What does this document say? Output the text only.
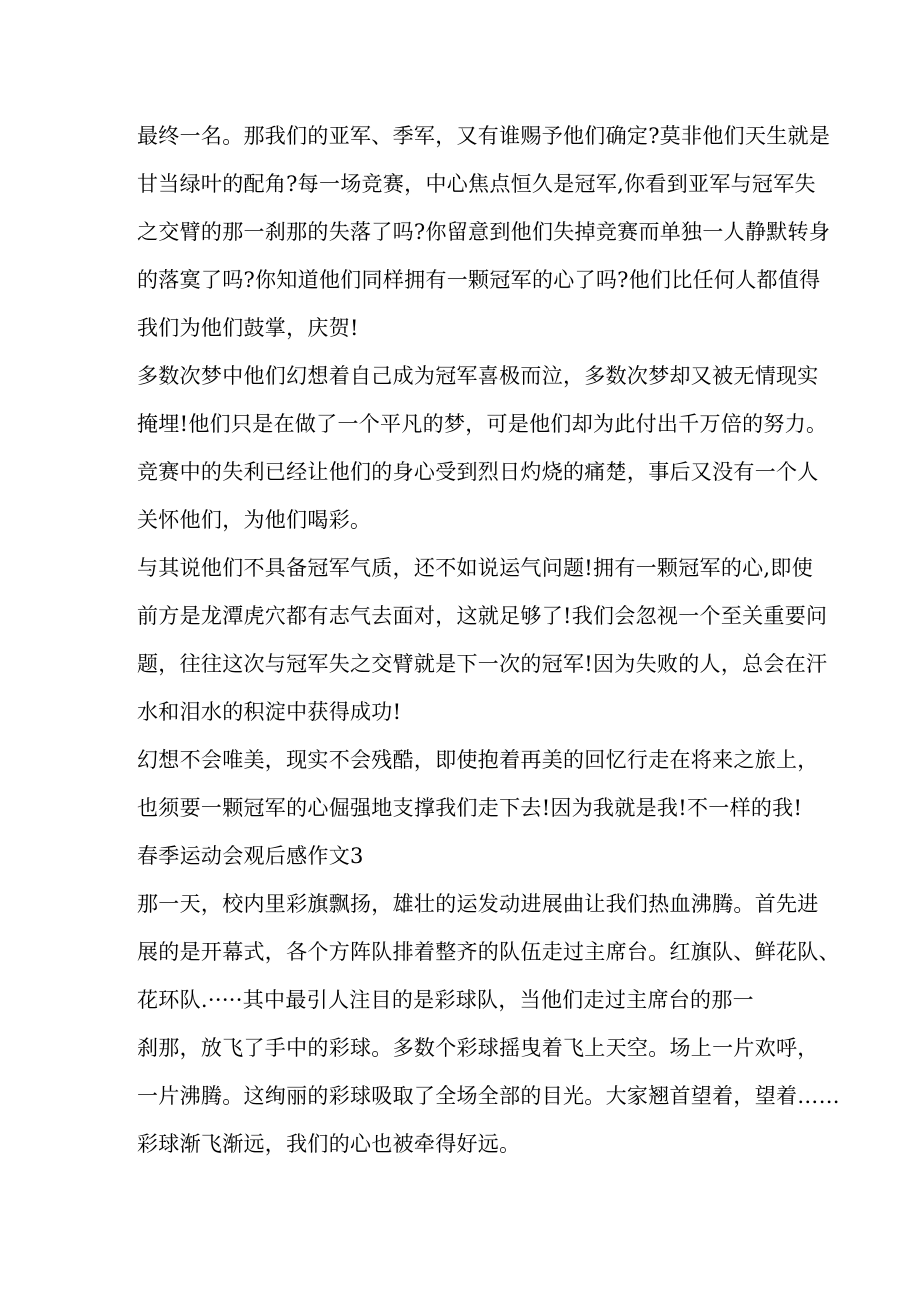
最终一名。那我们的亚军、季军，又有谁赐予他们确定?莫非他们天生就是
甘当绿叶的配角?每一场竞赛，中心焦点恒久是冠军,你看到亚军与冠军失
之交臂的那一刹那的失落了吗?你留意到他们失掉竞赛而单独一人静默转身
的落寞了吗?你知道他们同样拥有一颗冠军的心了吗?他们比任何人都值得
我们为他们鼓掌，庆贺!
多数次梦中他们幻想着自己成为冠军喜极而泣，多数次梦却又被无情现实
掩埋!他们只是在做了一个平凡的梦，可是他们却为此付出千万倍的努力。
竞赛中的失利已经让他们的身心受到烈日灼烧的痛楚，事后又没有一个人
关怀他们，为他们喝彩。
与其说他们不具备冠军气质，还不如说运气问题!拥有一颗冠军的心,即使
前方是龙潭虎穴都有志气去面对，这就足够了!我们会忽视一个至关重要问
题，往往这次与冠军失之交臂就是下一次的冠军!因为失败的人，总会在汗
水和泪水的积淀中获得成功!
幻想不会唯美，现实不会残酷，即使抱着再美的回忆行走在将来之旅上，
也须要一颗冠军的心倔强地支撑我们走下去!因为我就是我!不一样的我!
春季运动会观后感作文3
那一天，校内里彩旗飘扬，雄壮的运发动进展曲让我们热血沸腾。首先进
展的是开幕式，各个方阵队排着整齐的队伍走过主席台。红旗队、鲜花队、
花环队.·····其中最引人注目的是彩球队，当他们走过主席台的那一
刹那，放飞了手中的彩球。多数个彩球摇曳着飞上天空。场上一片欢呼，
一片沸腾。这绚丽的彩球吸取了全场全部的目光。大家翘首望着，望着……
彩球渐飞渐远，我们的心也被牵得好远。
